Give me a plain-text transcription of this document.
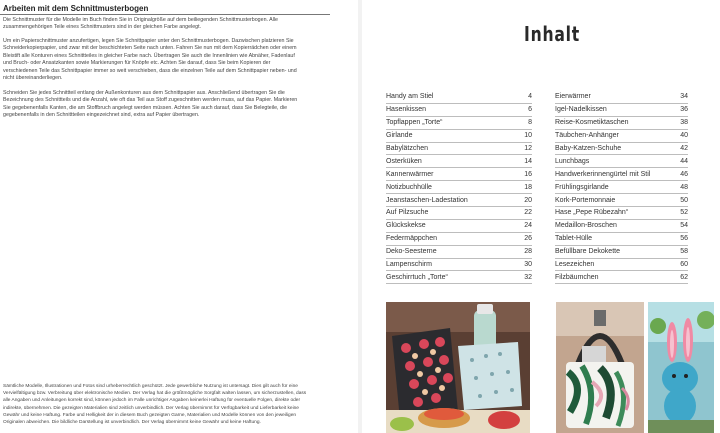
Arbeiten mit dem Schnittmusterbogen

Die Schnittmuster für die Modelle im Buch finden Sie in Originalgröße auf dem beiliegenden Schnittmusterbogen. Alle zusammengehörigen Teile eines Schnittmusters sind in der gleichen Farbe angelegt.

Um ein Papierschnittmuster anzufertigen, legen Sie Schnittpapier unter den Schnittmusterbogen. Dazwischen platzieren Sie Schneiderkopierpapier, und zwar mit der beschichteten Seite nach unten. Fahren Sie nun mit dem Kopierrädchen oder einem Bleistift alle Konturen eines Schnittteiles in gleicher Farbe nach. Übertragen Sie auch die Innenlinien wie Abnäher, Fadenlauf und Bruch- oder Ansatzkanten sowie Markierungen für Knöpfe etc. Achten Sie darauf, dass Sie beim Kopieren der verschiedenen Teile das Schnittpapier immer so weit verschieben, dass die einzelnen Teile auf dem Schnittpapier neben- und nicht übereinanderliegen.

Schneiden Sie jedes Schnittteil entlang der Außenkonturen aus dem Schnittpapier aus. Anschließend übertragen Sie die Bezeichnung des Schnittteils und die Anzahl, wie oft das Teil aus Stoff zugeschnitten werden muss, auf das Papier. Markieren Sie gegebenenfalls Kanten, die am Stoffbruch angelegt werden müssen. Achten Sie auch darauf, dass Sie Belegteile, die gegebenenfalls in den Schnittteilen eingezeichnet sind, extra auf Papier übertragen.

Sämtliche Modelle, Illustrationen und Fotos sind urheberrechtlich geschützt. Jede gewerbliche Nutzung ist untersagt. Dies gilt auch für eine Vervielfältigung bzw. Verbreitung über elektronische Medien. Der Verlag hat die größtmögliche Sorgfalt walten lassen, um sicherzustellen, dass alle Angaben und Anleitungen korrekt sind, können jedoch im Falle unrichtiger Angaben keinerlei Haftung für eventuelle Folgen, direkte oder indirekte, übernehmen. Die gezeigten Materialien sind zeitlich unverbindlich. Der Verlag übernimmt für Verfügbarkeit und Lieferbarkeit keine Gewähr und keine Haftung. Farbe und Helligkeit der in diesem Buch gezeigten Garne, Materialien und Modelle können von den jeweiligen Originalen abweichen. Die bildliche Darstellung ist unverbindlich. Der Verlag übernimmt keine Gewähr und keine Haftung.

Inhalt
Handy am Stiel	4
Hasenkissen	6
Topflappen „Torte“	8
Girlande	10
Babylätzchen	12
Osterküken	14
Kannenwärmer	16
Notizbuchhülle	18
Jeanstaschen-Ladestation	20
Auf Pilzsuche	22
Glückskekse	24
Federmäppchen	26
Deko-Seesterne	28
Lampenschirm	30
Geschirrtuch „Torte“	32
Eierwärmer	34
Igel-Nadelkissen	36
Reise-Kosmetiktaschen	38
Täubchen-Anhänger	40
Baby-Katzen-Schuhe	42
Lunchbags	44
Handwerkerinnengürtel mit Stil	46
Frühlingsgirlande	48
Kork-Portemonnaie	50
Hase „Pepe Rübezahn“	52
Medaillon-Broschen	54
Tablet-Hülle	56
Befüllbare Dekokette	58
Lesezeichen	60
Filzbäumchen	62
